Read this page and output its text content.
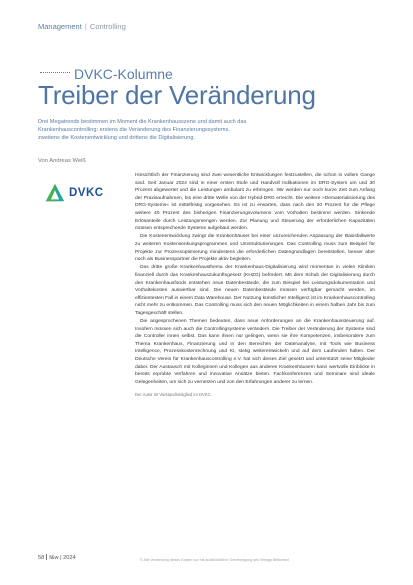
Management | Controlling
DVKC-Kolumne
Treiber der Veränderung

Drei Megatrends bestimmen im Moment die Krankenhausszene und damit auch das

Krankenhauscontrolling: erstens die Veränderung des Finanzierungssystems,

zweitens die Kostenentwicklung und drittens die Digitalisierung.

Von Andreas Weiß
DVKC

Hinsichtlich der Finanzierung sind zwei wesentliche Entwicklungen festzustellen, die schon in vollem Gange sind. Seit Januar 2024 sind in einer ersten Stufe und Handvoll Indikationen im DRG-System um und 30 Prozent abgewertet und die Leistungen ambulant zu erbringen. Wir werden nur noch kurze Zeit zum Anfang der Praxisaufnahmen, bis eine dritte Welle von der Hybrid-DRG erreicht. Die weitere »Dematerialisierung des DRG-Systems« ist mittelfristig vorgesehen. Es ist zu erwarten, dass nach den 20 Prozent für die Pflege weitere 40 Prozent des bisherigen Finanzierungsvolumens vom Vorhalten bestimmt werden. Sinkende Erlösanteile durch Leistungsmengen werden. Zur Planung und Steuerung der erforderlichen Kapazitäten müssen entsprechende Systeme aufgebaut werden.

Die Kostenentwicklung zwingt die Krankenhäuser bei einer unzureichenden Anpassung der Basisfallwerte zu weiteren Kostensenkungsprogrammen und Umstrukturierungen. Das Controlling muss zum Beispiel für Projekte zur Prozessoptimierung mindestens die erforderlichen Datengrundlagen bereitstellen, besser aber noch als Businesspartner die Projekte aktiv begleiten.

Das dritte große Krankenhausthema der Krankenhaus-Digitalisierung wird momentan in vielen Kliniken finanziell durch das Krankenhauszukunftsgesetz (KHZG) befördert. Mit dem Schub der Digitalisierung durch den Krankenhausfonds entstehen neue Datenbestände, die zum Beispiel bei Leistungsdokumentation und Vorhaltekosten auswertbar sind. Die neuen Datenbestände müssen verfügbar gemacht werden, im effizientesten Fall in einem Data Warehouse. Der Nutzung künstlicher Intelligenz ist im Krankenhauscontrolling nicht mehr zu entkommen. Das Controlling muss sich den neuen Möglichkeiten in einem halben Jahr bis zum Tagesgeschäft stellen.

Die angesprochenen Themen bedeuten, dass neue Anforderungen an die Krankenhaussteuerung auf. Insofern müssen sich auch die Controllingsysteme verändern. Die Treiber der Veränderung der Systeme sind die Controller innen selbst. Das kann ihnen nur gelingen, wenn sie ihre Kompetenzen, insbesondere zum Thema Krankenhaus, Finanzierung und in den Bereichen der Datenanalyse, mit Tools wie Business Intelligence, Prozesskostenrechnung und KI, stetig weiterentwickeln und auf dem Laufenden halten. Der Deutsche Verein für Krankenhauscontrolling e.V. hat sich dieses Ziel gesetzt und unterstützt seine Mitglieder dabei. Der Austausch mit Kolleginnen und Kollegen aus anderen Krankenhäusern kann wertvolle Einblicke in bereits erprobte Verfahren und innovative Ansätze bieten. Fachkonferenzen und Seminare sind ideale Gelegenheiten, um sich zu vernetzen und von den Erfahrungen anderer zu lernen.

Der Autor ist Vorstandsmitglied im DVKC.

58 f&w | 2024	© Alle Verbreitung dieses Kopien nur mit ausdrücklicher Genehmigung des Verlags Bibliomed
